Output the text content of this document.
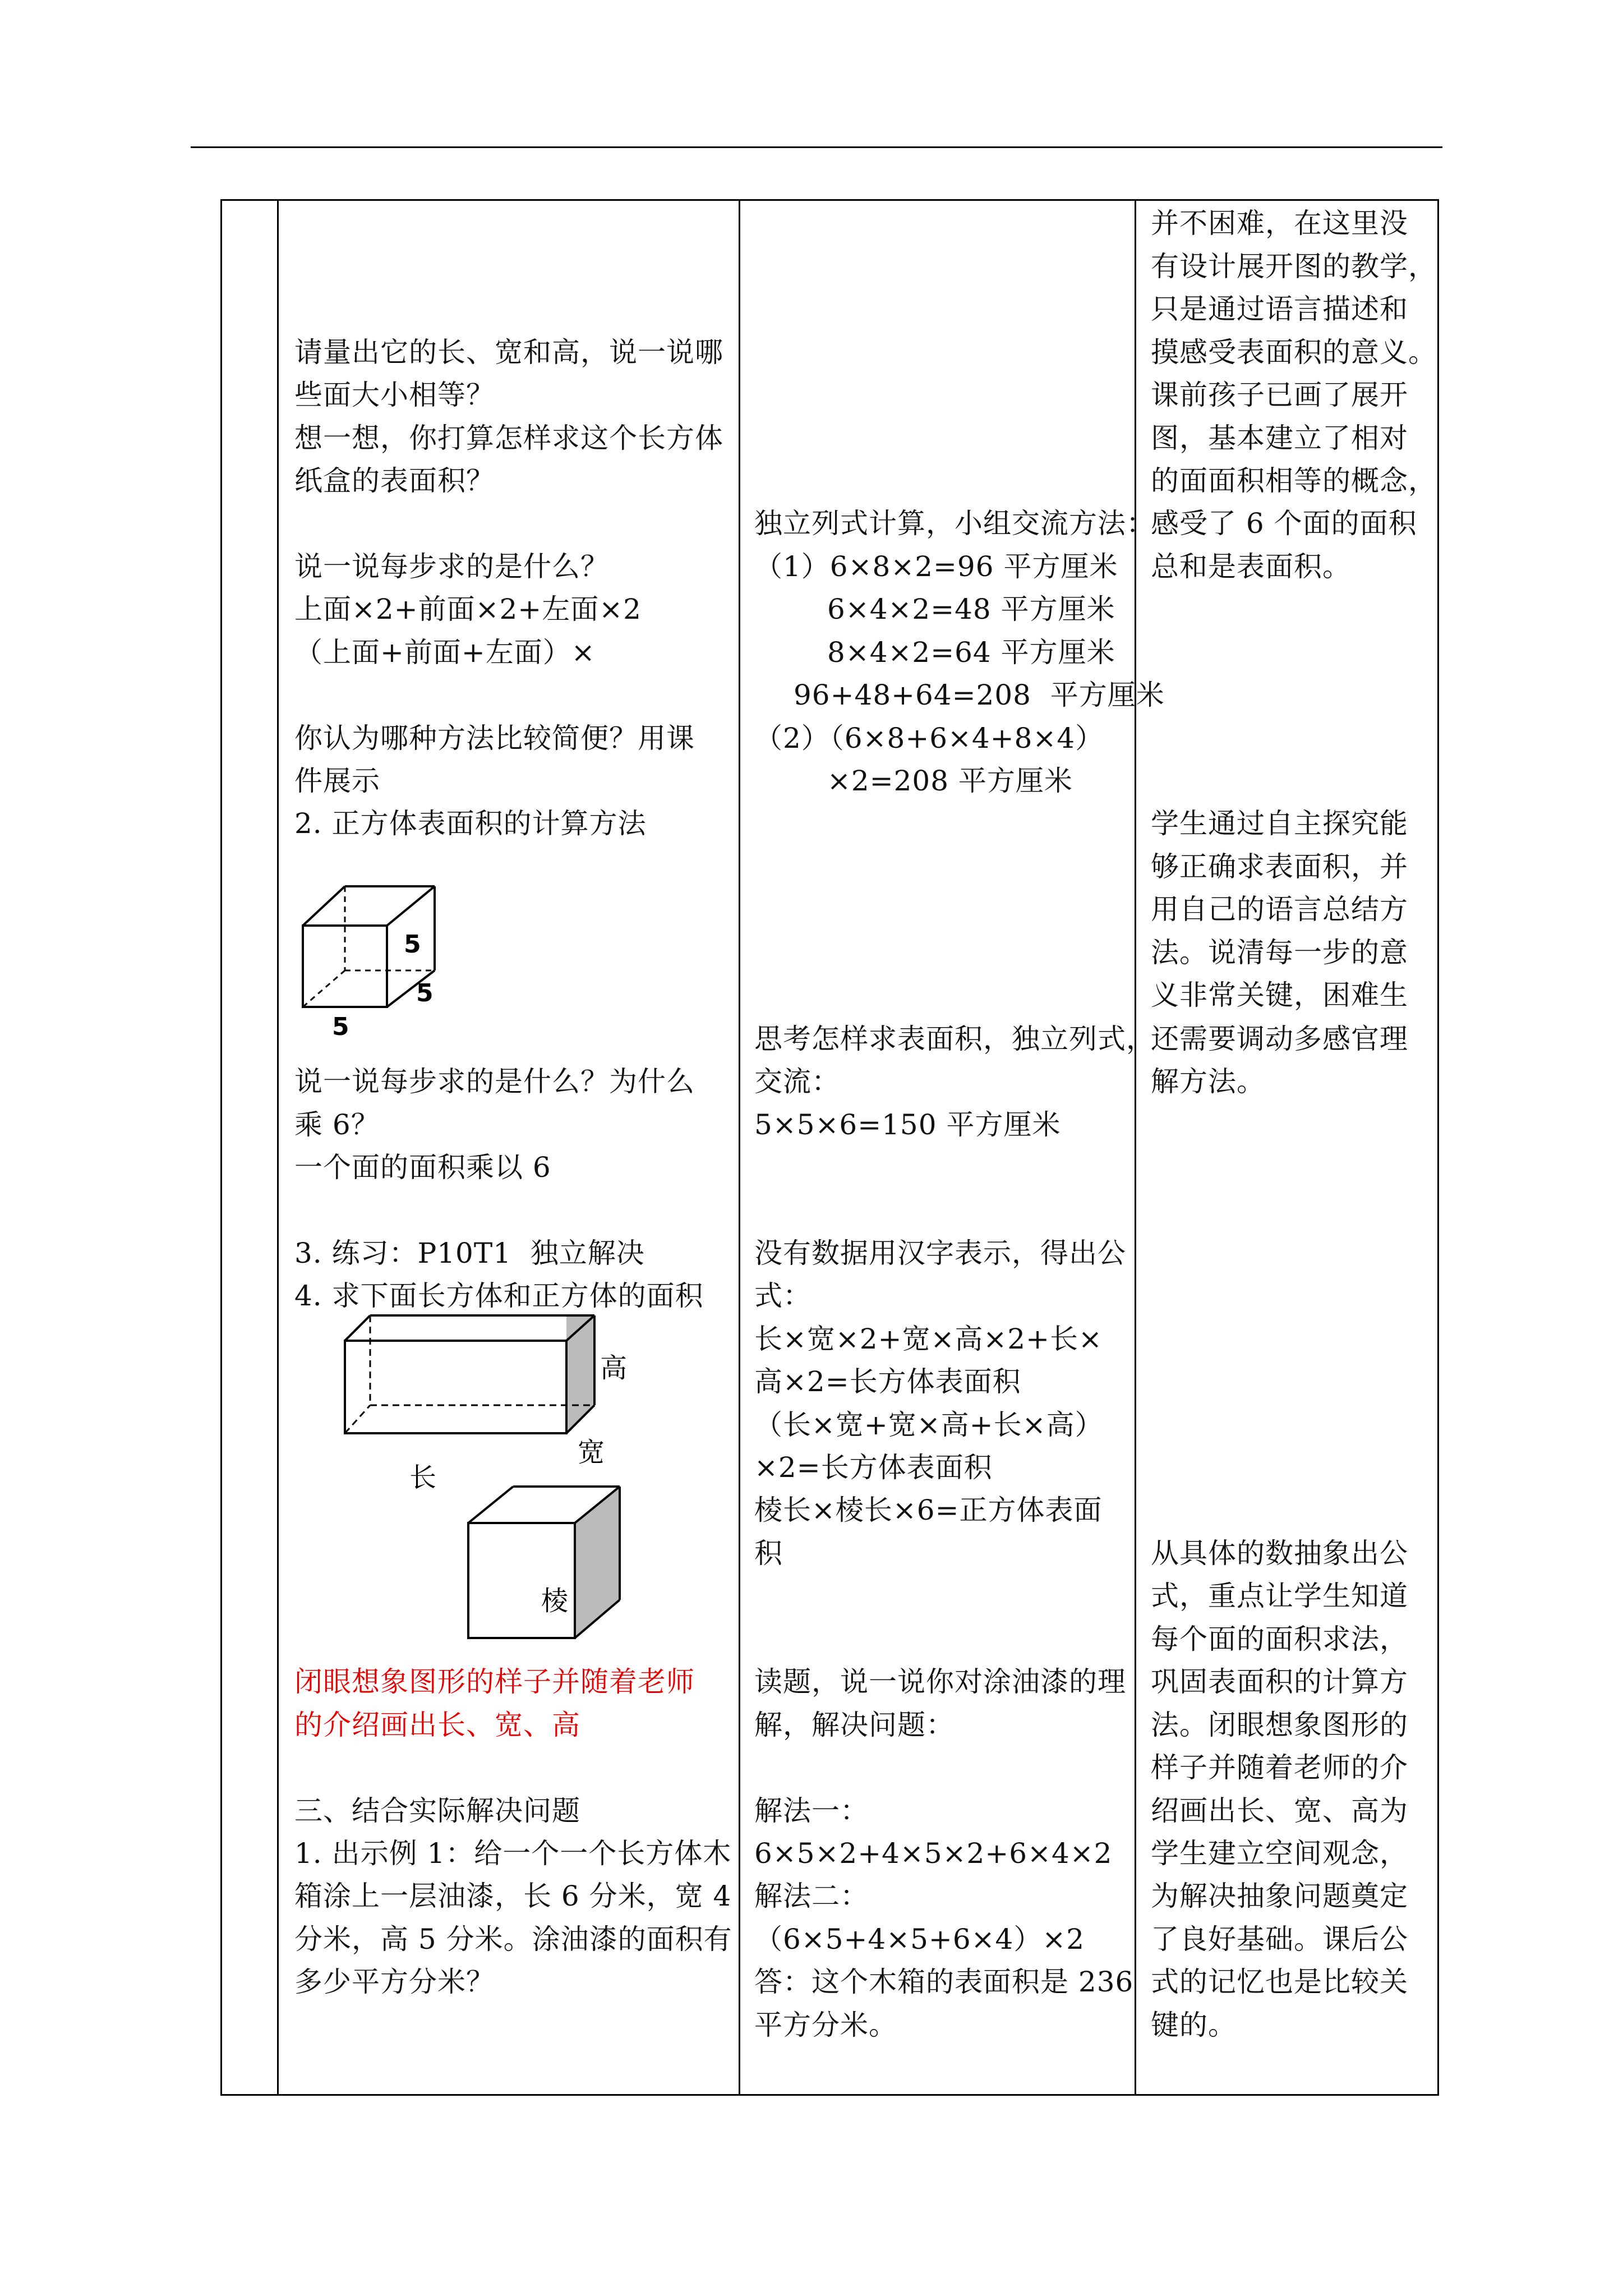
请量出它的长、宽和高，说一说哪
些面大小相等？
想一想，你打算怎样求这个长方体
纸盒的表面积？
说一说每步求的是什么？
上面×2+前面×2+左面×2
（上面+前面+左面）×
你认为哪种方法比较简便？用课
件展示
2. 正方体表面积的计算方法
5
5
5
说一说每步求的是什么？为什么
乘 6？
一个面的面积乘以 6
3. 练习：P10T1  独立解决
4. 求下面长方体和正方体的面积
高
宽
长
棱
闭眼想象图形的样子并随着老师
的介绍画出长、宽、高
三、结合实际解决问题
1. 出示例 1：给一个一个长方体木
箱涂上一层油漆，长 6 分米，宽 4
分米，高 5 分米。涂油漆的面积有
多少平方分米？
独立列式计算，小组交流方法：
（1）6×8×2=96 平方厘米
6×4×2=48 平方厘米
8×4×2=64 平方厘米
96+48+64=208  平方厘米
（2）（6×8+6×4+8×4）
×2=208 平方厘米
思考怎样求表面积，独立列式，
交流：
5×5×6=150 平方厘米
没有数据用汉字表示，得出公
式：
长×宽×2+宽×高×2+长×
高×2=长方体表面积
（长×宽+宽×高+长×高）
×2=长方体表面积
棱长×棱长×6=正方体表面
积
读题，说一说你对涂油漆的理
解，解决问题：
解法一：
6×5×2+4×5×2+6×4×2
解法二：
（6×5+4×5+6×4）×2
答：这个木箱的表面积是 236
平方分米。
并不困难，在这里没
有设计展开图的教学，
只是通过语言描述和
摸感受表面积的意义。
课前孩子已画了展开
图，基本建立了相对
的面面积相等的概念，
感受了 6 个面的面积
总和是表面积。
学生通过自主探究能
够正确求表面积，并
用自己的语言总结方
法。说清每一步的意
义非常关键，困难生
还需要调动多感官理
解方法。
从具体的数抽象出公
式，重点让学生知道
每个面的面积求法，
巩固表面积的计算方
法。闭眼想象图形的
样子并随着老师的介
绍画出长、宽、高为
学生建立空间观念，
为解决抽象问题奠定
了良好基础。课后公
式的记忆也是比较关
键的。
